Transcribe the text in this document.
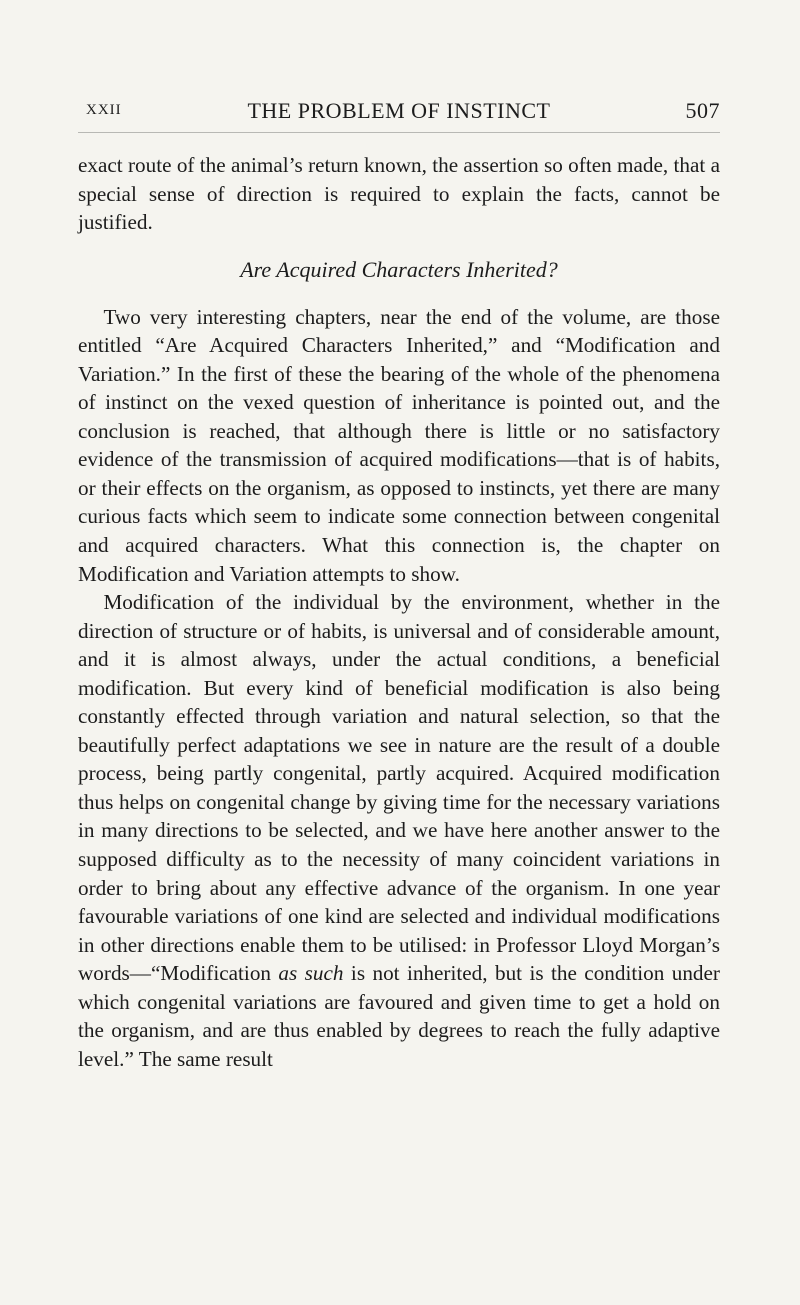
XXII	THE PROBLEM OF INSTINCT	507

exact route of the animal’s return known, the assertion so often made, that a special sense of direction is required to explain the facts, cannot be justified.

Are Acquired Characters Inherited?

Two very interesting chapters, near the end of the volume, are those entitled “Are Acquired Characters Inherited,” and “Modification and Variation.” In the first of these the bearing of the whole of the phenomena of instinct on the vexed question of inheritance is pointed out, and the conclusion is reached, that although there is little or no satisfactory evidence of the transmission of acquired modifications—that is of habits, or their effects on the organism, as opposed to instincts, yet there are many curious facts which seem to indicate some connection between congenital and acquired characters. What this connection is, the chapter on Modification and Variation attempts to show.

Modification of the individual by the environment, whether in the direction of structure or of habits, is universal and of considerable amount, and it is almost always, under the actual conditions, a beneficial modification. But every kind of beneficial modification is also being constantly effected through variation and natural selection, so that the beautifully perfect adaptations we see in nature are the result of a double process, being partly congenital, partly acquired. Acquired modification thus helps on congenital change by giving time for the necessary variations in many directions to be selected, and we have here another answer to the supposed difficulty as to the necessity of many coincident variations in order to bring about any effective advance of the organism. In one year favourable variations of one kind are selected and individual modifications in other directions enable them to be utilised: in Professor Lloyd Morgan’s words—“Modification as such is not inherited, but is the condition under which congenital variations are favoured and given time to get a hold on the organism, and are thus enabled by degrees to reach the fully adaptive level.” The same result
